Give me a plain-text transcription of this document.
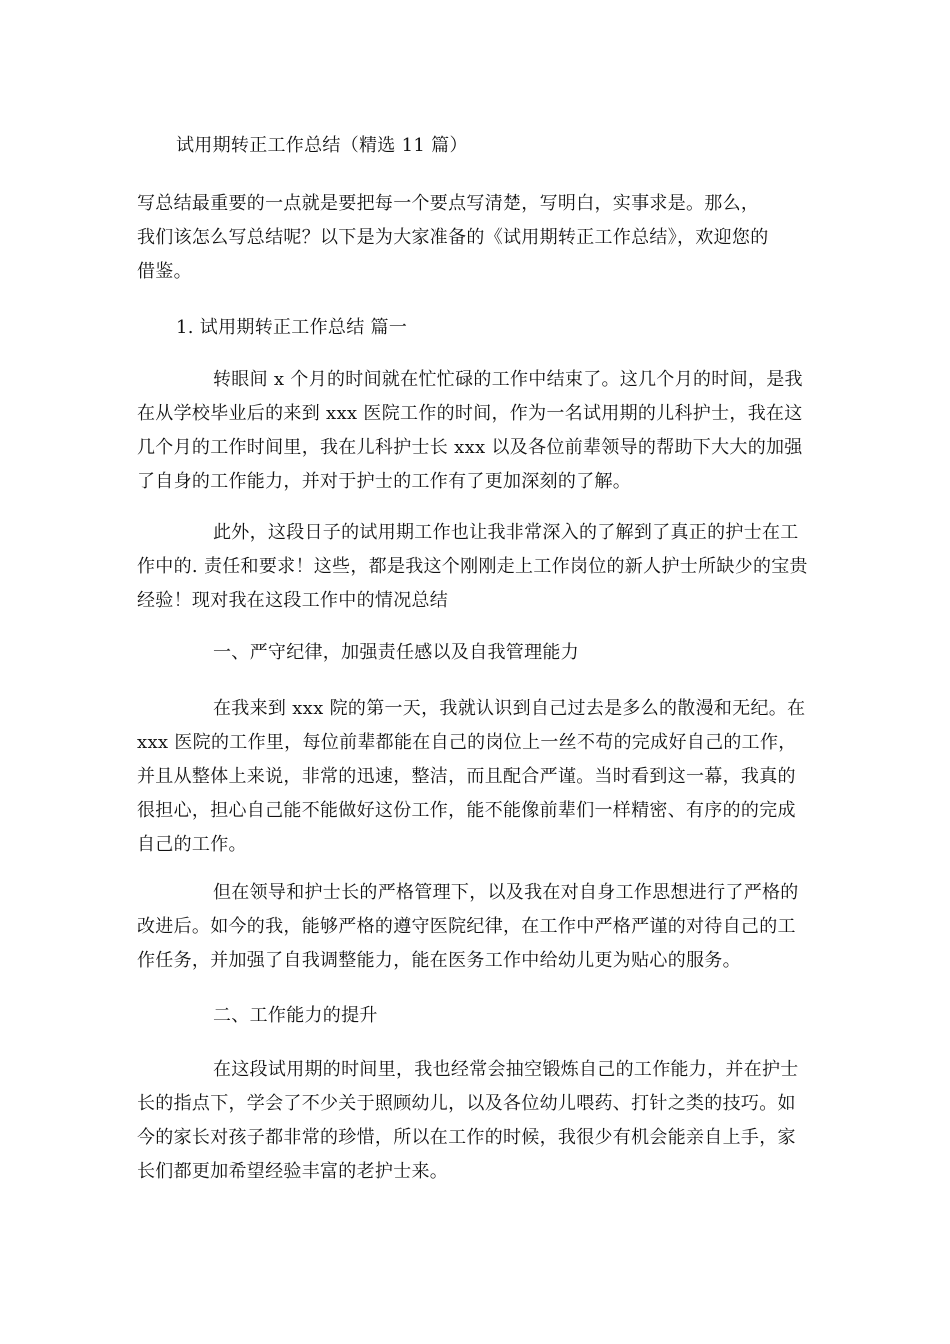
试用期转正工作总结（精选 11 篇）
写总结最重要的一点就是要把每一个要点写清楚，写明白，实事求是。那么，
我们该怎么写总结呢？以下是为大家准备的《试用期转正工作总结》，欢迎您的
借鉴。
1. 试用期转正工作总结 篇一
转眼间 x 个月的时间就在忙忙碌的工作中结束了。这几个月的时间，是我在从学校毕业后的来到 xxx 医院工作的时间，作为一名试用期的儿科护士，我在这几个月的工作时间里，我在儿科护士长 xxx 以及各位前辈领导的帮助下大大的加强了自身的工作能力，并对于护士的工作有了更加深刻的了解。
此外，这段日子的试用期工作也让我非常深入的了解到了真正的护士在工作中的. 责任和要求！这些，都是我这个刚刚走上工作岗位的新人护士所缺少的宝贵经验！现对我在这段工作中的情况总结
一、严守纪律，加强责任感以及自我管理能力
在我来到 xxx 院的第一天，我就认识到自己过去是多么的散漫和无纪。在 xxx 医院的工作里，每位前辈都能在自己的岗位上一丝不苟的完成好自己的工作，并且从整体上来说，非常的迅速，整洁，而且配合严谨。当时看到这一幕，我真的很担心，担心自己能不能做好这份工作，能不能像前辈们一样精密、有序的的完成自己的工作。
但在领导和护士长的严格管理下，以及我在对自身工作思想进行了严格的改进后。如今的我，能够严格的遵守医院纪律，在工作中严格严谨的对待自己的工作任务，并加强了自我调整能力，能在医务工作中给幼儿更为贴心的服务。
二、工作能力的提升
在这段试用期的时间里，我也经常会抽空锻炼自己的工作能力，并在护士长的指点下，学会了不少关于照顾幼儿，以及各位幼儿喂药、打针之类的技巧。如今的家长对孩子都非常的珍惜，所以在工作的时候，我很少有机会能亲自上手，家长们都更加希望经验丰富的老护士来。
